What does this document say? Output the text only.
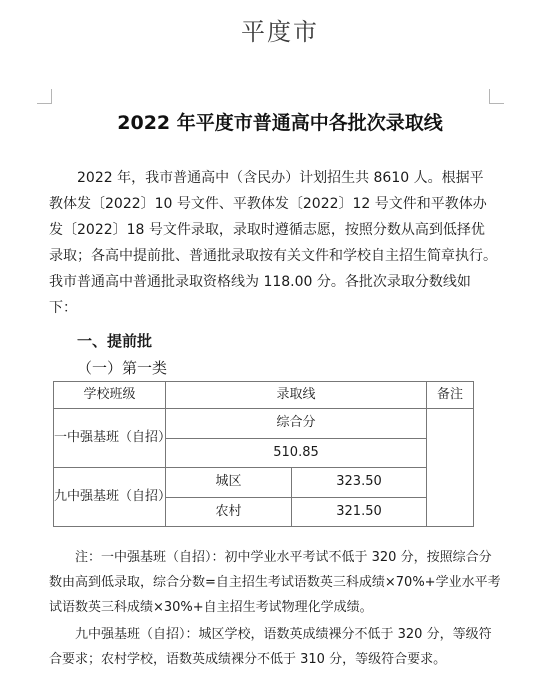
平度市
2022 年平度市普通高中各批次录取线

2022 年，我市普通高中（含民办）计划招生共 8610 人。根据平教体发〔2022〕10 号文件、平教体发〔2022〕12 号文件和平教体办发〔2022〕18 号文件录取，录取时遵循志愿，按照分数从高到低择优录取；各高中提前批、普通批录取按有关文件和学校自主招生简章执行。我市普通高中普通批录取资格线为 118.00 分。各批次录取分数线如下：

一、提前批
（一）第一类
学校班级	录取线		备注
一中强基班（自招）	综合分		
	510.85		
九中强基班（自招）	城区	323.50	
	农村	321.50	

注：一中强基班（自招）：初中学业水平考试不低于 320 分，按照综合分数由高到低录取，综合分数=自主招生考试语数英三科成绩×70%+学业水平考试语数英三科成绩×30%+自主招生考试物理化学成绩。

九中强基班（自招）：城区学校，语数英成绩裸分不低于 320 分，等级符合要求；农村学校，语数英成绩裸分不低于 310 分，等级符合要求。
